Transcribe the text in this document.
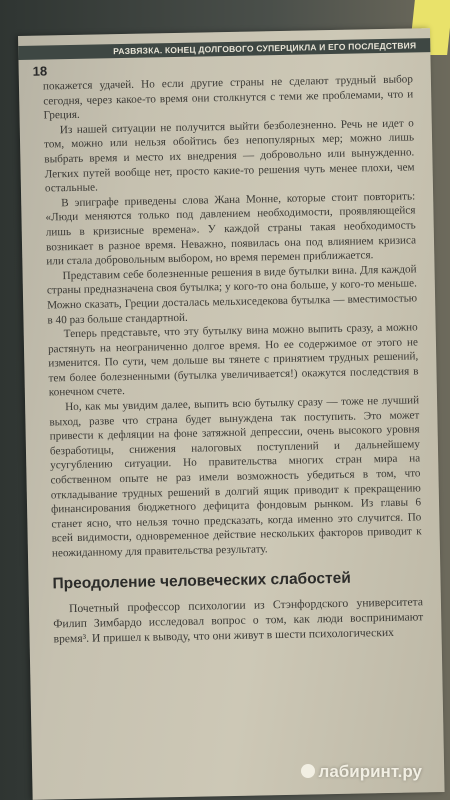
РАЗВЯЗКА. КОНЕЦ ДОЛГОВОГО СУПЕРЦИКЛА И ЕГО ПОСЛЕДСТВИЯ
18

покажется удачей. Но если другие страны не сделают трудный выбор сегодня, через какое-то время они столкнутся с теми же проблемами, что и Греция.

Из нашей ситуации не получится выйти безболезненно. Речь не идет о том, можно или нельзя обойтись без непопулярных мер; можно лишь выбрать время и место их внедрения — добровольно или вынужденно. Легких путей вообще нет, просто какие-то решения чуть менее плохи, чем остальные.

В эпиграфе приведены слова Жана Монне, которые стоит повторить: «Люди меняются только под давлением необходимости, проявляющейся лишь в кризисные времена». У каждой страны такая необходимость возникает в разное время. Неважно, появилась она под влиянием кризиса или стала добровольным выбором, но время перемен приближается.

Представим себе болезненные решения в виде бутылки вина. Для каждой страны предназначена своя бутылка; у кого-то она больше, у кого-то меньше. Можно сказать, Греции досталась мельхиседекова бутылка — вместимостью в 40 раз больше стандартной.

Теперь представьте, что эту бутылку вина можно выпить сразу, а можно растянуть на неограниченно долгое время. Но ее содержимое от этого не изменится. По сути, чем дольше вы тянете с принятием трудных решений, тем более болезненными (бутылка увеличивается!) окажутся последствия в конечном счете.

Но, как мы увидим далее, выпить всю бутылку сразу — тоже не лучший выход, разве что страна будет вынуждена так поступить. Это может привести к дефляции на фоне затяжной депрессии, очень высокого уровня безработицы, снижения налоговых поступлений и дальнейшему усугублению ситуации. Но правительства многих стран мира на собственном опыте не раз имели возможность убедиться в том, что откладывание трудных решений в долгий ящик приводит к прекращению финансирования бюджетного дефицита фондовым рынком. Из главы 6 станет ясно, что нельзя точно предсказать, когда именно это случится. По всей видимости, одновременное действие нескольких факторов приводит к неожиданному для правительства результату.

Преодоление человеческих слабостей

Почетный профессор психологии из Стэнфордского университета Филип Зимбардо исследовал вопрос о том, как люди воспринимают время³. И пришел к выводу, что они живут в шести психологических

лабиринт.ру
